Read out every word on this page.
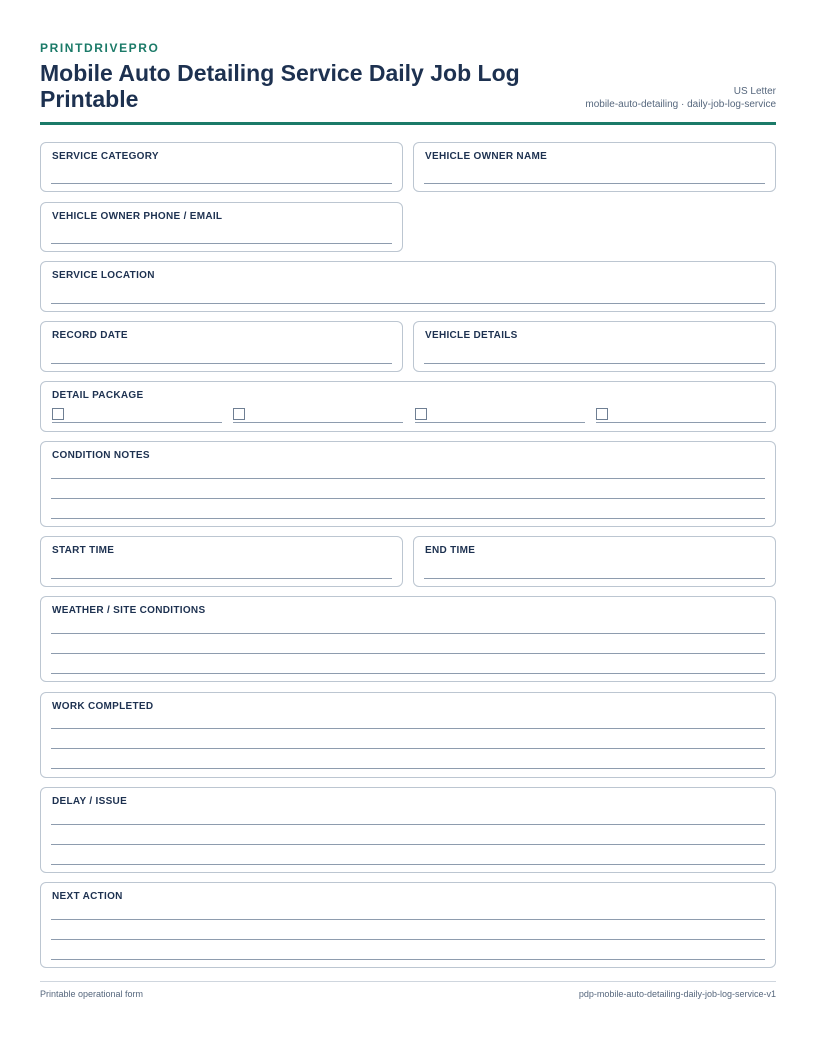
PRINTDRIVEPRO
Mobile Auto Detailing Service Daily Job Log Printable	US Letter
mobile-auto-detailing · daily-job-log-service
SERVICE CATEGORY	VEHICLE OWNER NAME
VEHICLE OWNER PHONE / EMAIL
SERVICE LOCATION
RECORD DATE	VEHICLE DETAILS
DETAIL PACKAGE
CONDITION NOTES
START TIME	END TIME
WEATHER / SITE CONDITIONS
WORK COMPLETED
DELAY / ISSUE
NEXT ACTION
Printable operational form	pdp-mobile-auto-detailing-daily-job-log-service-v1
